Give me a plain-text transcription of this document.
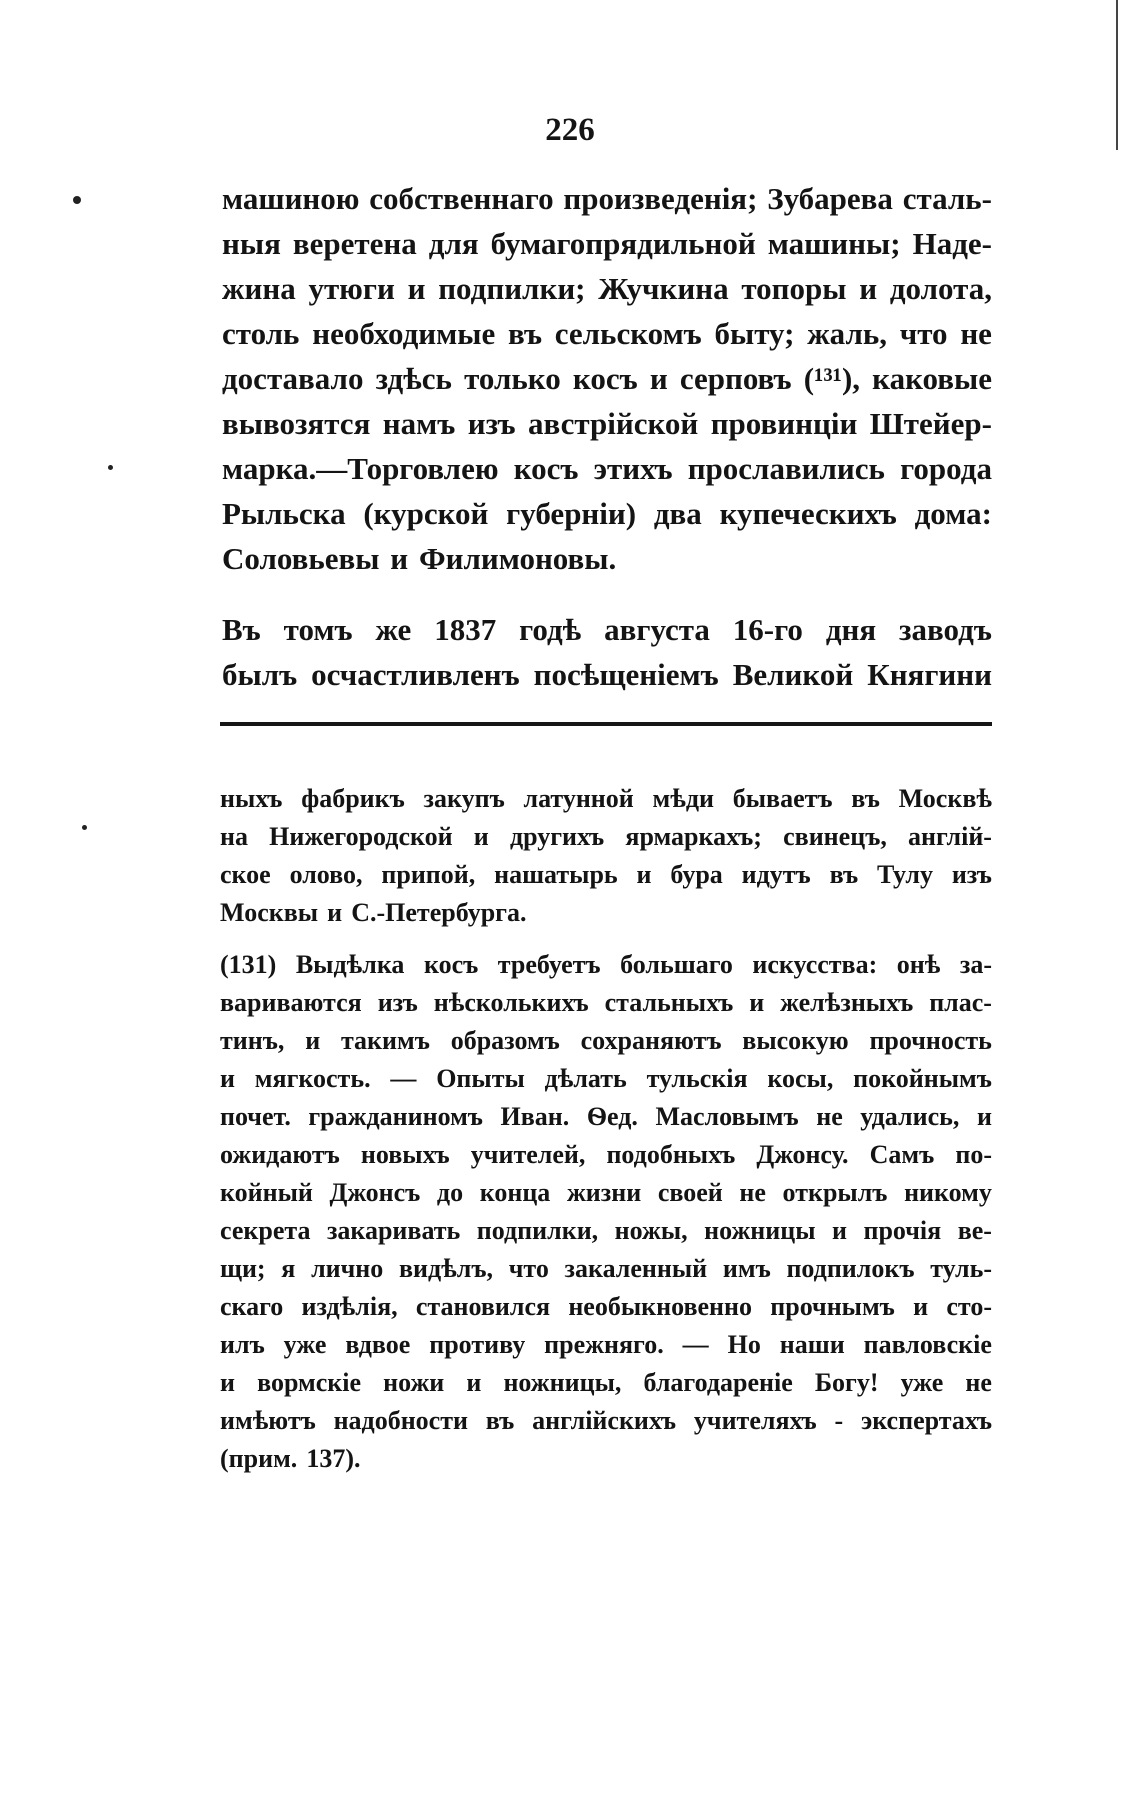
226
машиною собственнаго произведенія; Зубарева сталь-
ныя веретена для бумагопрядильной машины; Наде-
жина утюги и подпилки; Жучкина топоры и долота,
столь необходимые въ сельскомъ быту; жаль, что не
доставало здѣсь только косъ и серповъ (¹³¹), каковые
вывозятся намъ изъ австрійской провинціи Штейер-
марка.—Торговлею косъ этихъ прославились города
Рыльска (курской губерніи) два купеческихъ дома:
Соловьевы и Филимоновы.
Въ томъ же 1837 годѣ августа 16-го дня заводъ
былъ осчастливленъ посѣщеніемъ Великой Княгини
ныхъ фабрикъ закупъ латунной мѣди бываетъ въ Москвѣ
на Нижегородской и другихъ ярмаркахъ; свинецъ, англій-
ское олово, припой, нашатырь и бура идутъ въ Тулу изъ
Москвы и С.-Петербурга.
(131) Выдѣлка косъ требуетъ большаго искусства: онѣ за-
вариваются изъ нѣсколькихъ стальныхъ и желѣзныхъ плас-
тинъ, и такимъ образомъ сохраняютъ высокую прочность
и мягкость. — Опыты дѣлать тульскія косы, покойнымъ
почет. гражданиномъ Иван. Ѳед. Масловымъ не удались, и
ожидаютъ новыхъ учителей, подобныхъ Джонсу. Самъ по-
койный Джонсъ до конца жизни своей не открылъ никому
секрета закаривать подпилки, ножы, ножницы и прочія ве-
щи; я лично видѣлъ, что закаленный имъ подпилокъ туль-
скаго издѣлія, становился необыкновенно прочнымъ и сто-
илъ уже вдвое противу прежняго. — Но наши павловскіе
и вормскіе ножи и ножницы, благодареніе Богу! уже не
имѣютъ надобности въ англійскихъ учителяхъ - экспертахъ
(прим. 137).
